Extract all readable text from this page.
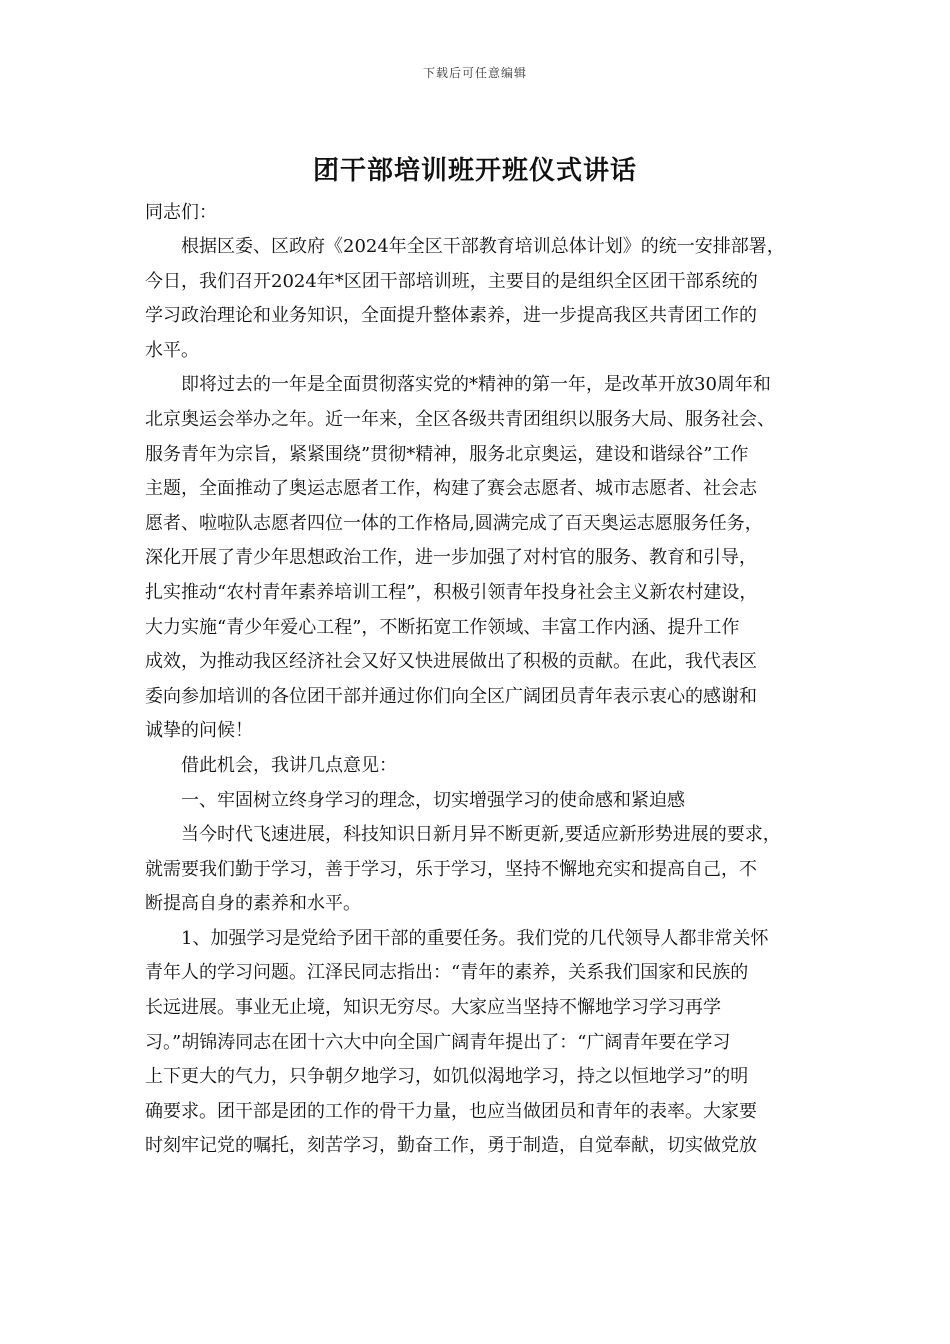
下载后可任意编辑
团干部培训班开班仪式讲话
同志们：
　　根据区委、区政府《2024年全区干部教育培训总体计划》的统一安排部署，
今日，我们召开2024年*区团干部培训班，主要目的是组织全区团干部系统的
学习政治理论和业务知识，全面提升整体素养，进一步提高我区共青团工作的
水平。
　　即将过去的一年是全面贯彻落实党的*精神的第一年，是改革开放30周年和
北京奥运会举办之年。近一年来，全区各级共青团组织以服务大局、服务社会、
服务青年为宗旨，紧紧围绕”贯彻*精神，服务北京奥运，建设和谐绿谷”工作
主题，全面推动了奥运志愿者工作，构建了赛会志愿者、城市志愿者、社会志
愿者、啦啦队志愿者四位一体的工作格局,圆满完成了百天奥运志愿服务任务，
深化开展了青少年思想政治工作，进一步加强了对村官的服务、教育和引导，
扎实推动“农村青年素养培训工程”，积极引领青年投身社会主义新农村建设，
大力实施“青少年爱心工程”，不断拓宽工作领域、丰富工作内涵、提升工作
成效，为推动我区经济社会又好又快进展做出了积极的贡献。在此，我代表区
委向参加培训的各位团干部并通过你们向全区广阔团员青年表示衷心的感谢和
诚挚的问候！
　　借此机会，我讲几点意见：
　　一、牢固树立终身学习的理念，切实增强学习的使命感和紧迫感
　　当今时代飞速进展，科技知识日新月异不断更新,要适应新形势进展的要求，
就需要我们勤于学习，善于学习，乐于学习，坚持不懈地充实和提高自己，不
断提高自身的素养和水平。
　　1、加强学习是党给予团干部的重要任务。我们党的几代领导人都非常关怀
青年人的学习问题。江泽民同志指出：“青年的素养，关系我们国家和民族的
长远进展。事业无止境，知识无穷尽。大家应当坚持不懈地学习学习再学
习。”胡锦涛同志在团十六大中向全国广阔青年提出了：“广阔青年要在学习
上下更大的气力，只争朝夕地学习，如饥似渴地学习，持之以恒地学习”的明
确要求。团干部是团的工作的骨干力量，也应当做团员和青年的表率。大家要
时刻牢记党的嘱托，刻苦学习，勤奋工作，勇于制造，自觉奉献，切实做党放
